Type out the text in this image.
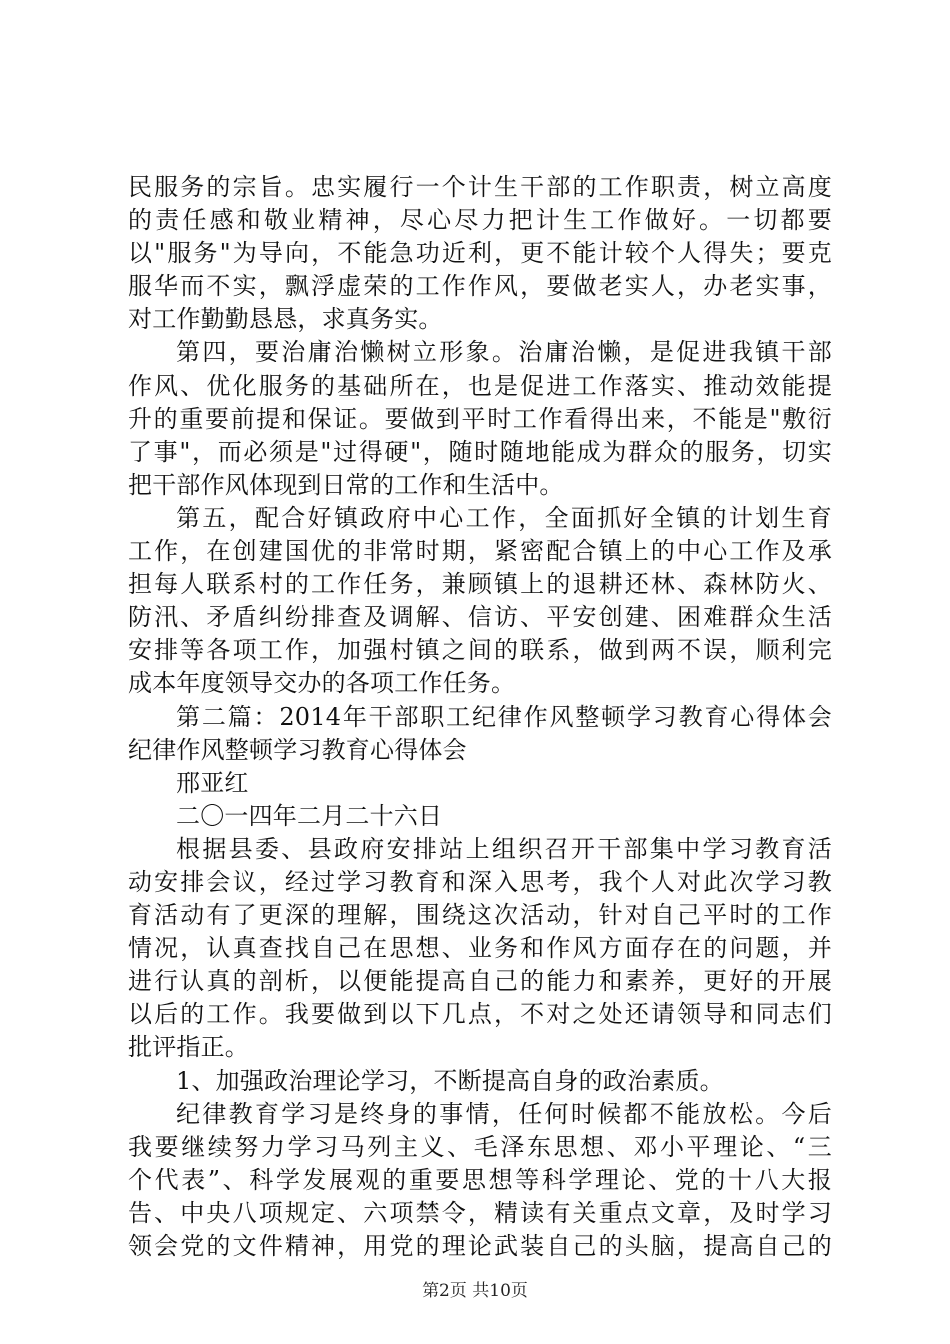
民服务的宗旨。忠实履行一个计生干部的工作职责，树立高度
的责任感和敬业精神，尽心尽力把计生工作做好。一切都要
以"服务"为导向，不能急功近利，更不能计较个人得失；要克
服华而不实，飘浮虚荣的工作作风，要做老实人，办老实事，
对工作勤勤恳恳，求真务实。
第四，要治庸治懒树立形象。治庸治懒，是促进我镇干部
作风、优化服务的基础所在，也是促进工作落实、推动效能提
升的重要前提和保证。要做到平时工作看得出来，不能是"敷衍
了事"，而必须是"过得硬"，随时随地能成为群众的服务，切实
把干部作风体现到日常的工作和生活中。
第五，配合好镇政府中心工作，全面抓好全镇的计划生育
工作，在创建国优的非常时期，紧密配合镇上的中心工作及承
担每人联系村的工作任务，兼顾镇上的退耕还林、森林防火、
防汛、矛盾纠纷排查及调解、信访、平安创建、困难群众生活
安排等各项工作，加强村镇之间的联系，做到两不误，顺利完
成本年度领导交办的各项工作任务。
第二篇：2014年干部职工纪律作风整顿学习教育心得体会
纪律作风整顿学习教育心得体会
邢亚红
二〇一四年二月二十六日
根据县委、县政府安排站上组织召开干部集中学习教育活
动安排会议，经过学习教育和深入思考，我个人对此次学习教
育活动有了更深的理解，围绕这次活动，针对自己平时的工作
情况，认真查找自己在思想、业务和作风方面存在的问题，并
进行认真的剖析，以便能提高自己的能力和素养，更好的开展
以后的工作。我要做到以下几点，不对之处还请领导和同志们
批评指正。
1、加强政治理论学习，不断提高自身的政治素质。
纪律教育学习是终身的事情，任何时候都不能放松。今后
我要继续努力学习马列主义、毛泽东思想、邓小平理论、“三
个代表”、科学发展观的重要思想等科学理论、党的十八大报
告、中央八项规定、六项禁令，精读有关重点文章，及时学习
领会党的文件精神，用党的理论武装自己的头脑，提高自己的
第2页 共10页
